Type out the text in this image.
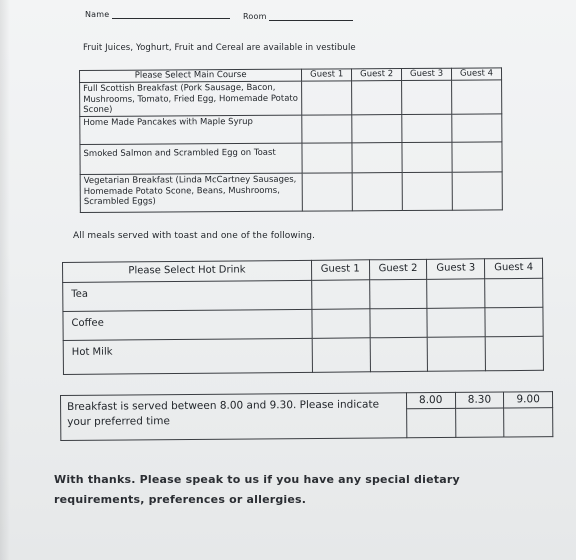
Name	Room
Fruit Juices, Yoghurt, Fruit and Cereal are available in vestibule
Please Select Main Course	Guest 1	Guest 2	Guest 3	Guest 4
Full Scottish Breakfast (Pork Sausage, Bacon, Mushrooms, Tomato, Fried Egg, Homemade Potato Scone)				
Home Made Pancakes with Maple Syrup				
Smoked Salmon and Scrambled Egg on Toast				
Vegetarian Breakfast (Linda McCartney Sausages, Homemade Potato Scone, Beans, Mushrooms, Scrambled Eggs)				
All meals served with toast and one of the following.
Please Select Hot Drink	Guest 1	Guest 2	Guest 3	Guest 4
Tea				
Coffee				
Hot Milk				
Breakfast is served between 8.00 and 9.30. Please indicate your preferred time	8.00	8.30	9.00

With thanks. Please speak to us if you have any special dietary requirements, preferences or allergies.
